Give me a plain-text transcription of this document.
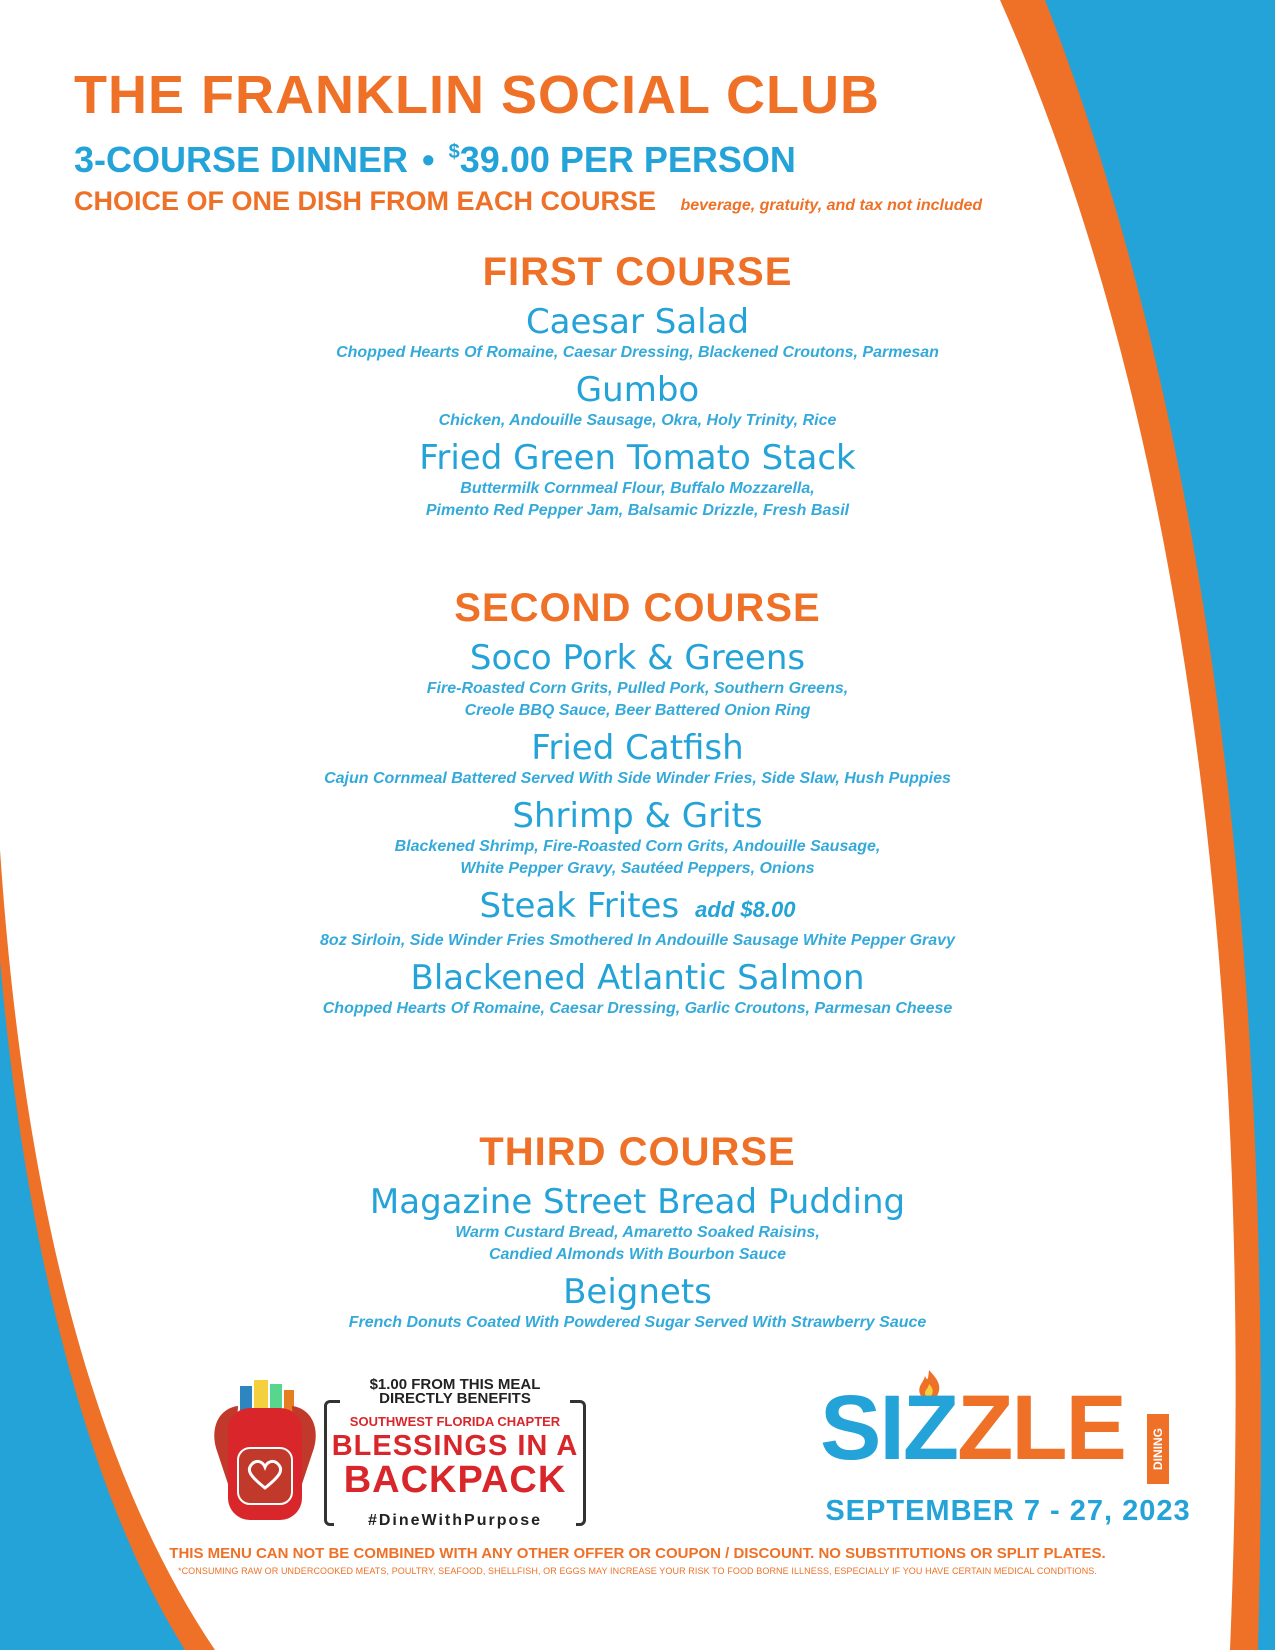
THE FRANKLIN SOCIAL CLUB
3-COURSE DINNER • $39.00 PER PERSON
CHOICE OF ONE DISH FROM EACH COURSE beverage, gratuity, and tax not included
FIRST COURSE
Caesar Salad
Chopped Hearts Of Romaine, Caesar Dressing, Blackened Croutons, Parmesan
Gumbo
Chicken, Andouille Sausage, Okra, Holy Trinity, Rice
Fried Green Tomato Stack
Buttermilk Cornmeal Flour, Buffalo Mozzarella,
Pimento Red Pepper Jam, Balsamic Drizzle, Fresh Basil
SECOND COURSE
Soco Pork & Greens
Fire-Roasted Corn Grits, Pulled Pork, Southern Greens,
Creole BBQ Sauce, Beer Battered Onion Ring
Fried Catfish
Cajun Cornmeal Battered Served With Side Winder Fries, Side Slaw, Hush Puppies
Shrimp & Grits
Blackened Shrimp, Fire-Roasted Corn Grits, Andouille Sausage,
White Pepper Gravy, Sautéed Peppers, Onions
Steak Frites add $8.00
8oz Sirloin, Side Winder Fries Smothered In Andouille Sausage White Pepper Gravy
Blackened Atlantic Salmon
Chopped Hearts Of Romaine, Caesar Dressing, Garlic Croutons, Parmesan Cheese
THIRD COURSE
Magazine Street Bread Pudding
Warm Custard Bread, Amaretto Soaked Raisins,
Candied Almonds With Bourbon Sauce
Beignets
French Donuts Coated With Powdered Sugar Served With Strawberry Sauce
$1.00 FROM THIS MEAL DIRECTLY BENEFITS
SOUTHWEST FLORIDA CHAPTER
BLESSINGS IN A
BACKPACK
#DineWithPurpose
SIZZLE	DINING
SEPTEMBER 7 - 27, 2023
THIS MENU CAN NOT BE COMBINED WITH ANY OTHER OFFER OR COUPON / DISCOUNT. NO SUBSTITUTIONS OR SPLIT PLATES.
*CONSUMING RAW OR UNDERCOOKED MEATS, POULTRY, SEAFOOD, SHELLFISH, OR EGGS MAY INCREASE YOUR RISK TO FOOD BORNE ILLNESS, ESPECIALLY IF YOU HAVE CERTAIN MEDICAL CONDITIONS.
